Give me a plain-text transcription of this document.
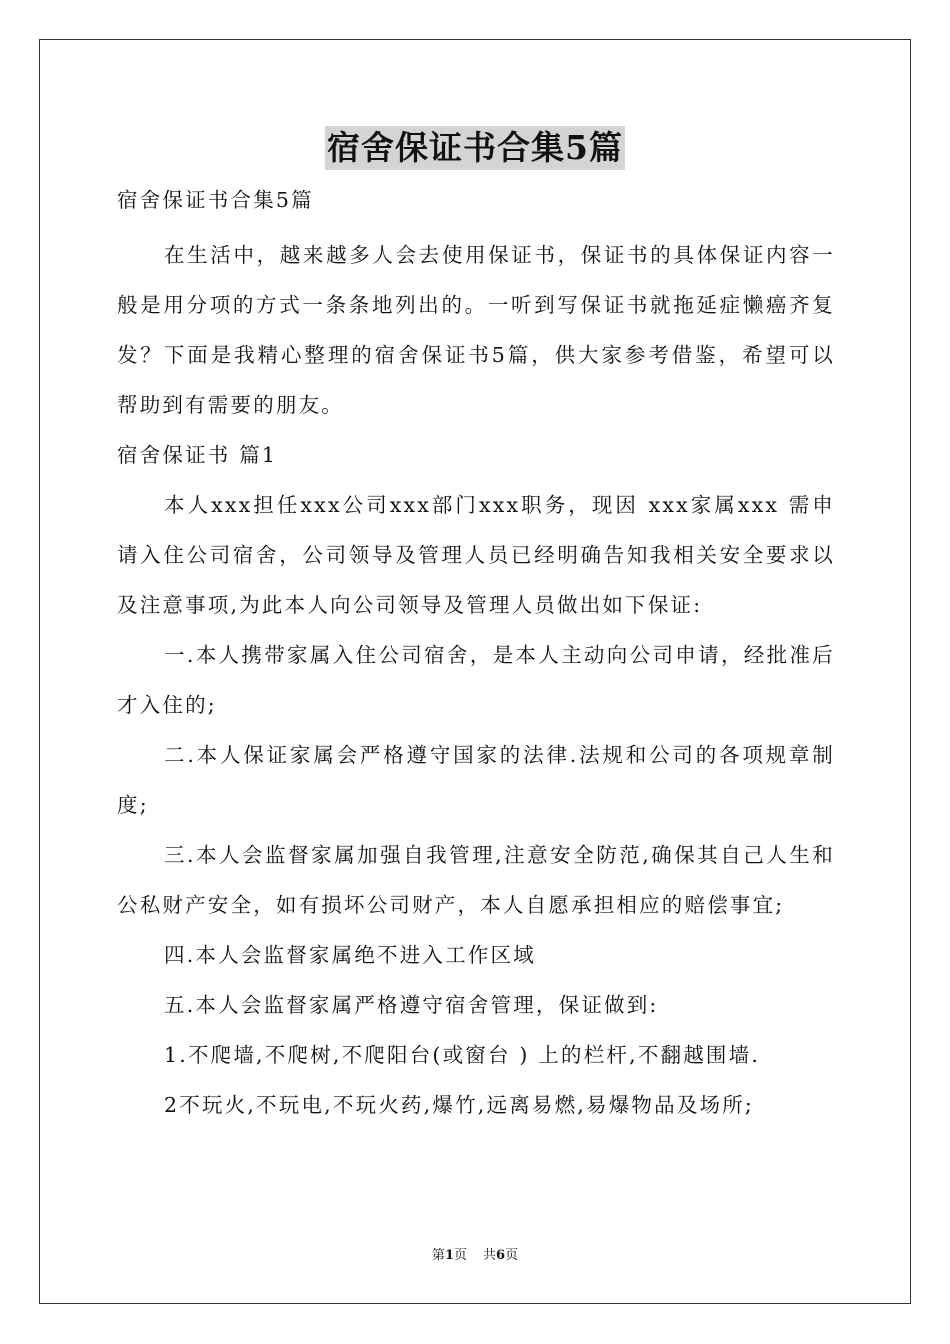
宿舍保证书合集5篇

宿舍保证书合集5篇

在生活中，越来越多人会去使用保证书，保证书的具体保证内容一般是用分项的方式一条条地列出的。一听到写保证书就拖延症懒癌齐复发？下面是我精心整理的宿舍保证书5篇，供大家参考借鉴，希望可以帮助到有需要的朋友。

宿舍保证书 篇1

本人xxx担任xxx公司xxx部门xxx职务，现因 xxx家属xxx 需申请入住公司宿舍，公司领导及管理人员已经明确告知我相关安全要求以及注意事项,为此本人向公司领导及管理人员做出如下保证:

一.本人携带家属入住公司宿舍，是本人主动向公司申请，经批准后才入住的;

二.本人保证家属会严格遵守国家的法律.法规和公司的各项规章制度;

三.本人会监督家属加强自我管理,注意安全防范,确保其自己人生和公私财产安全，如有损坏公司财产，本人自愿承担相应的赔偿事宜;

四.本人会监督家属绝不进入工作区域

五.本人会监督家属严格遵守宿舍管理，保证做到:

1.不爬墙,不爬树,不爬阳台(或窗台 ) 上的栏杆,不翻越围墙.

2不玩火,不玩电,不玩火药,爆竹,远离易燃,易爆物品及场所;

第1页 共6页
